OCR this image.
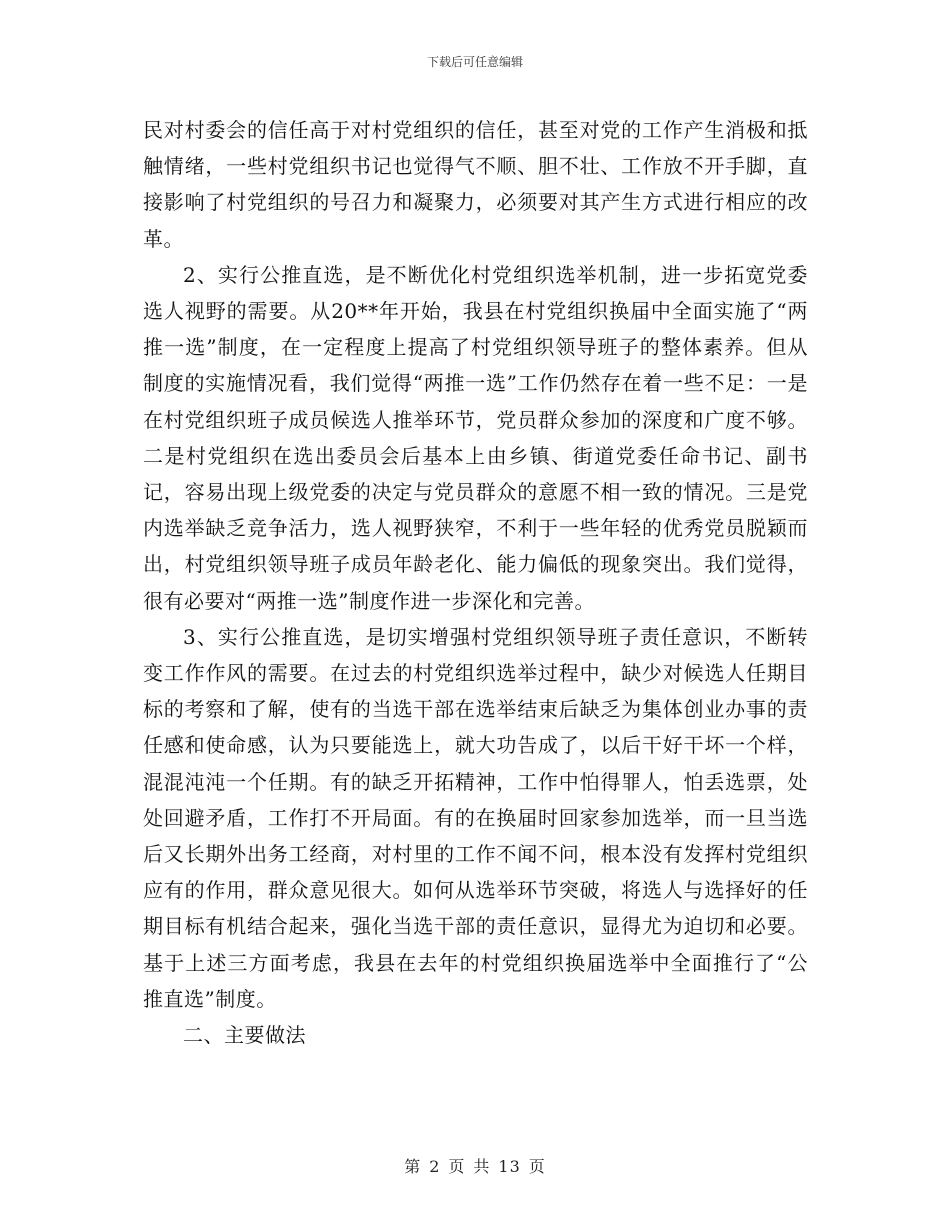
下载后可任意编辑

民对村委会的信任高于对村党组织的信任，甚至对党的工作产生消极和抵触情绪，一些村党组织书记也觉得气不顺、胆不壮、工作放不开手脚，直接影响了村党组织的号召力和凝聚力，必须要对其产生方式进行相应的改革。

2、实行公推直选，是不断优化村党组织选举机制，进一步拓宽党委选人视野的需要。从20**年开始，我县在村党组织换届中全面实施了“两推一选”制度，在一定程度上提高了村党组织领导班子的整体素养。但从制度的实施情况看，我们觉得“两推一选”工作仍然存在着一些不足：一是在村党组织班子成员候选人推举环节，党员群众参加的深度和广度不够。二是村党组织在选出委员会后基本上由乡镇、街道党委任命书记、副书记，容易出现上级党委的决定与党员群众的意愿不相一致的情况。三是党内选举缺乏竞争活力，选人视野狭窄，不利于一些年轻的优秀党员脱颖而出，村党组织领导班子成员年龄老化、能力偏低的现象突出。我们觉得，很有必要对“两推一选”制度作进一步深化和完善。

3、实行公推直选，是切实增强村党组织领导班子责任意识，不断转变工作作风的需要。在过去的村党组织选举过程中，缺少对候选人任期目标的考察和了解，使有的当选干部在选举结束后缺乏为集体创业办事的责任感和使命感，认为只要能选上，就大功告成了，以后干好干坏一个样，混混沌沌一个任期。有的缺乏开拓精神，工作中怕得罪人，怕丢选票，处处回避矛盾，工作打不开局面。有的在换届时回家参加选举，而一旦当选后又长期外出务工经商，对村里的工作不闻不问，根本没有发挥村党组织应有的作用，群众意见很大。如何从选举环节突破，将选人与选择好的任期目标有机结合起来，强化当选干部的责任意识，显得尤为迫切和必要。基于上述三方面考虑，我县在去年的村党组织换届选举中全面推行了“公推直选”制度。

二、主要做法

第 2 页 共 13 页
